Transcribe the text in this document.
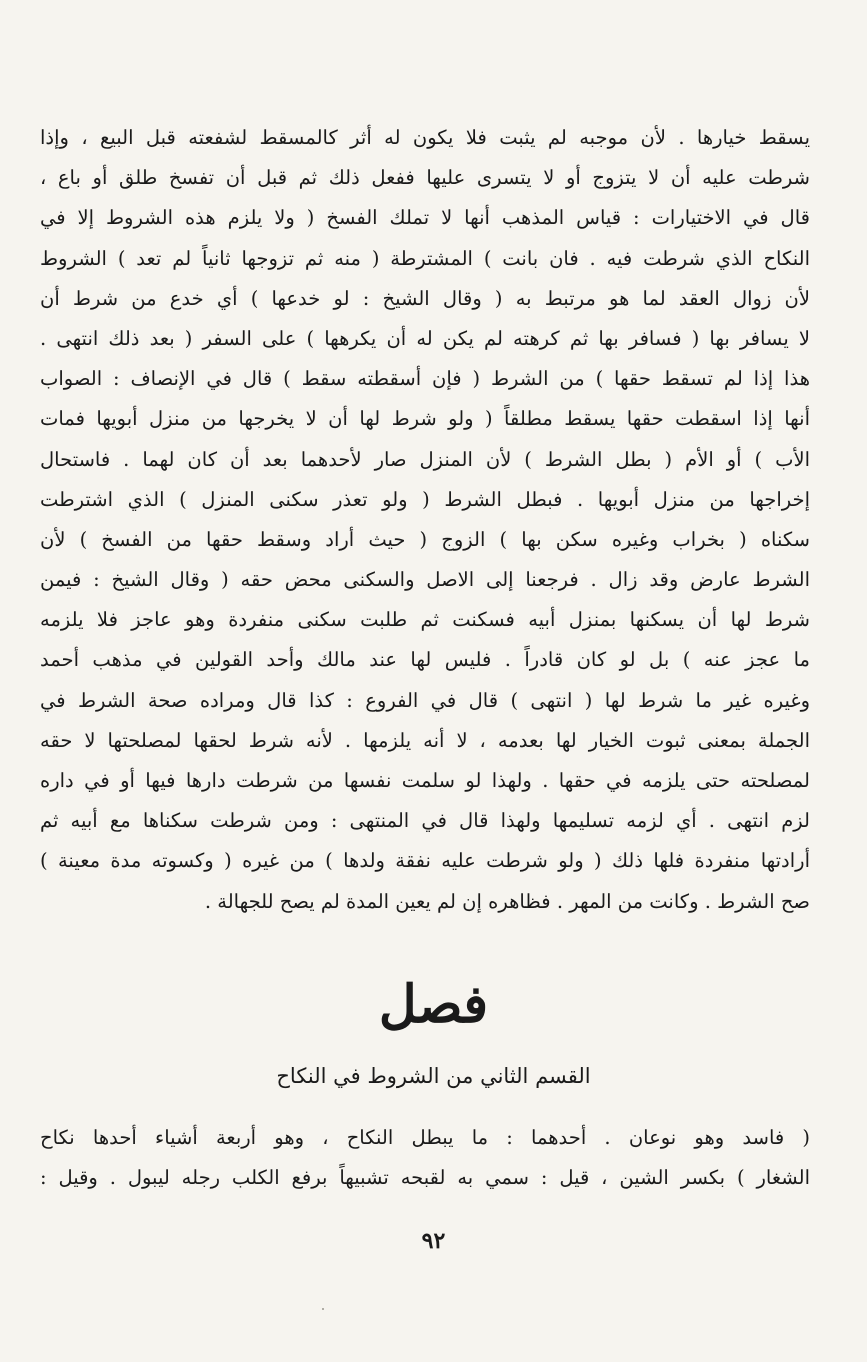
يسقط خيارها . لأن موجبه لم يثبت فلا يكون له أثر كالمسقط لشفعته قبل البيع ، وإذا
شرطت عليه أن لا يتزوج أو لا يتسرى عليها ففعل ذلك ثم قبل أن تفسخ طلق أو باع ،
قال في الاختيارات : قياس المذهب أنها لا تملك الفسخ ( ولا يلزم هذه الشروط إلا في
النكاح الذي شرطت فيه . فان بانت ) المشترطة ( منه ثم تزوجها ثانياً لم تعد ) الشروط
لأن زوال العقد لما هو مرتبط به ( وقال الشيخ : لو خدعها ) أي خدع من شرط أن
لا يسافر بها ( فسافر بها ثم كرهته لم يكن له أن يكرهها ) على السفر ( بعد ذلك انتهى .
هذا إذا لم تسقط حقها ) من الشرط ( فإن أسقطته سقط ) قال في الإنصاف : الصواب
أنها إذا اسقطت حقها يسقط مطلقاً ( ولو شرط لها أن لا يخرجها من منزل أبويها فمات
الأب ) أو الأم ( بطل الشرط ) لأن المنزل صار لأحدهما بعد أن كان لهما . فاستحال
إخراجها من منزل أبويها . فبطل الشرط ( ولو تعذر سكنى المنزل ) الذي اشترطت
سكناه ( بخراب وغيره سكن بها ) الزوج ( حيث أراد وسقط حقها من الفسخ ) لأن
الشرط عارض وقد زال . فرجعنا إلى الاصل والسكنى محض حقه ( وقال الشيخ : فيمن
شرط لها أن يسكنها بمنزل أبيه فسكنت ثم طلبت سكنى منفردة وهو عاجز فلا يلزمه
ما عجز عنه ) بل لو كان قادراً . فليس لها عند مالك وأحد القولين في مذهب أحمد
وغيره غير ما شرط لها ( انتهى ) قال في الفروع : كذا قال ومراده صحة الشرط في
الجملة بمعنى ثبوت الخيار لها بعدمه ، لا أنه يلزمها . لأنه شرط لحقها لمصلحتها لا حقه
لمصلحته حتى يلزمه في حقها . ولهذا لو سلمت نفسها من شرطت دارها فيها أو في داره
لزم انتهى . أي لزمه تسليمها ولهذا قال في المنتهى : ومن شرطت سكناها مع أبيه ثم
أرادتها منفردة فلها ذلك ( ولو شرطت عليه نفقة ولدها ) من غيره ( وكسوته مدة معينة )
صح الشرط . وكانت من المهر . فظاهره إن لم يعين المدة لم يصح للجهالة .
فصل
القسم الثاني من الشروط في النكاح
( فاسد وهو نوعان . أحدهما : ما يبطل النكاح ، وهو أربعة أشياء أحدها نكاح
الشغار ) بكسر الشين ، قيل : سمي به لقبحه تشبيهاً برفع الكلب رجله ليبول . وقيل :
٩٢
